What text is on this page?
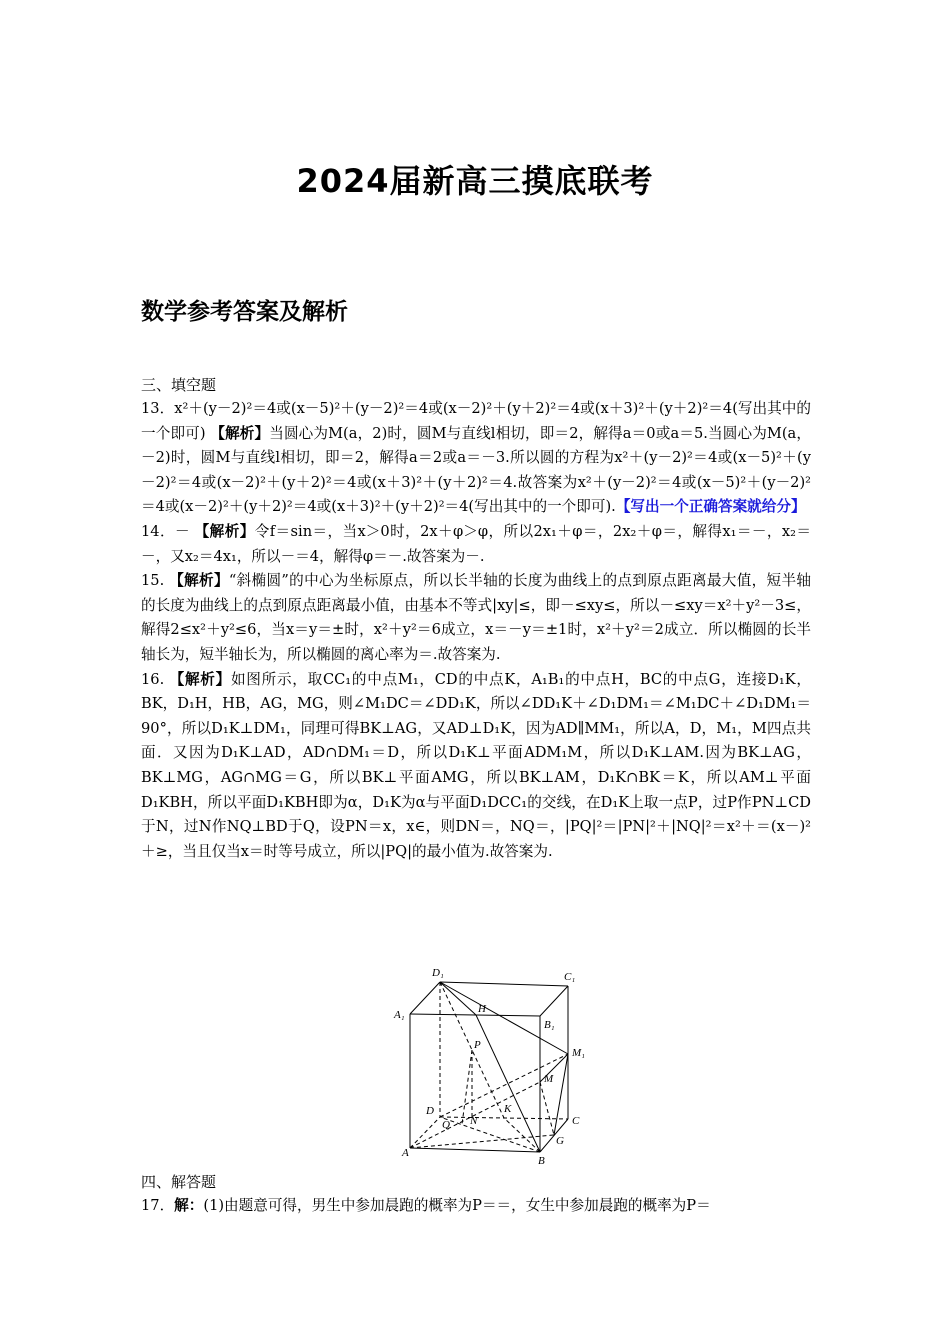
2024届新高三摸底联考
数学参考答案及解析
三、填空题

13．x²＋(y－2)²＝4或(x－5)²＋(y－2)²＝4或(x－2)²＋(y＋2)²＝4或(x＋3)²＋(y＋2)²＝4(写出其中的一个即可) 【解析】当圆心为M(a，2)时，圆M与直线l相切，即＝2，解得a＝0或a＝5.当圆心为M(a，－2)时，圆M与直线l相切，即＝2，解得a＝2或a＝－3.所以圆的方程为x²＋(y－2)²＝4或(x－5)²＋(y－2)²＝4或(x－2)²＋(y＋2)²＝4或(x＋3)²＋(y＋2)²＝4.故答案为x²＋(y－2)²＝4或(x－5)²＋(y－2)²＝4或(x－2)²＋(y＋2)²＝4或(x＋3)²＋(y＋2)²＝4(写出其中的一个即可).【写出一个正确答案就给分】

14．－ 【解析】令f＝sin＝，当x＞0时，2x＋φ＞φ，所以2x₁＋φ＝，2x₂＋φ＝，解得x₁＝－，x₂＝－，又x₂＝4x₁，所以－＝4，解得φ＝－.故答案为－.

15. 【解析】“斜椭圆”的中心为坐标原点，所以长半轴的长度为曲线上的点到原点距离最大值，短半轴的长度为曲线上的点到原点距离最小值，由基本不等式|xy|≤，即－≤xy≤，所以－≤xy＝x²＋y²－3≤，解得2≤x²＋y²≤6，当x＝y＝±时，x²＋y²＝6成立，x＝－y＝±1时，x²＋y²＝2成立．所以椭圆的长半轴长为，短半轴长为，所以椭圆的离心率为＝.故答案为.

16. 【解析】如图所示，取CC₁的中点M₁，CD的中点K，A₁B₁的中点H，BC的中点G，连接D₁K，BK，D₁H，HB，AG，MG，则∠M₁DC＝∠DD₁K，所以∠DD₁K＋∠D₁DM₁＝∠M₁DC＋∠D₁DM₁＝90°，所以D₁K⊥DM₁，同理可得BK⊥AG，又AD⊥D₁K，因为AD∥MM₁，所以A，D，M₁，M四点共面．又因为D₁K⊥AD，AD∩DM₁＝D，所以D₁K⊥平面ADM₁M，所以D₁K⊥AM.因为BK⊥AG，BK⊥MG，AG∩MG＝G，所以BK⊥平面AMG，所以BK⊥AM，D₁K∩BK＝K，所以AM⊥平面D₁KBH，所以平面D₁KBH即为α，D₁K为α与平面D₁DCC₁的交线，在D₁K上取一点P，过P作PN⊥CD于N，过N作NQ⊥BD于Q，设PN＝x，x∈，则DN＝，NQ＝，|PQ|²＝|PN|²＋|NQ|²＝x²＋＝(x－)²＋≥，当且仅当x＝时等号成立，所以|PQ|的最小值为.故答案为.

D₁	C₁
A₁	H
B₁
P
M₁
M
D	K
C
Q N
G
A
B
四、解答题

17．解：(1)由题意可得，男生中参加晨跑的概率为P＝＝，女生中参加晨跑的概率为P＝
